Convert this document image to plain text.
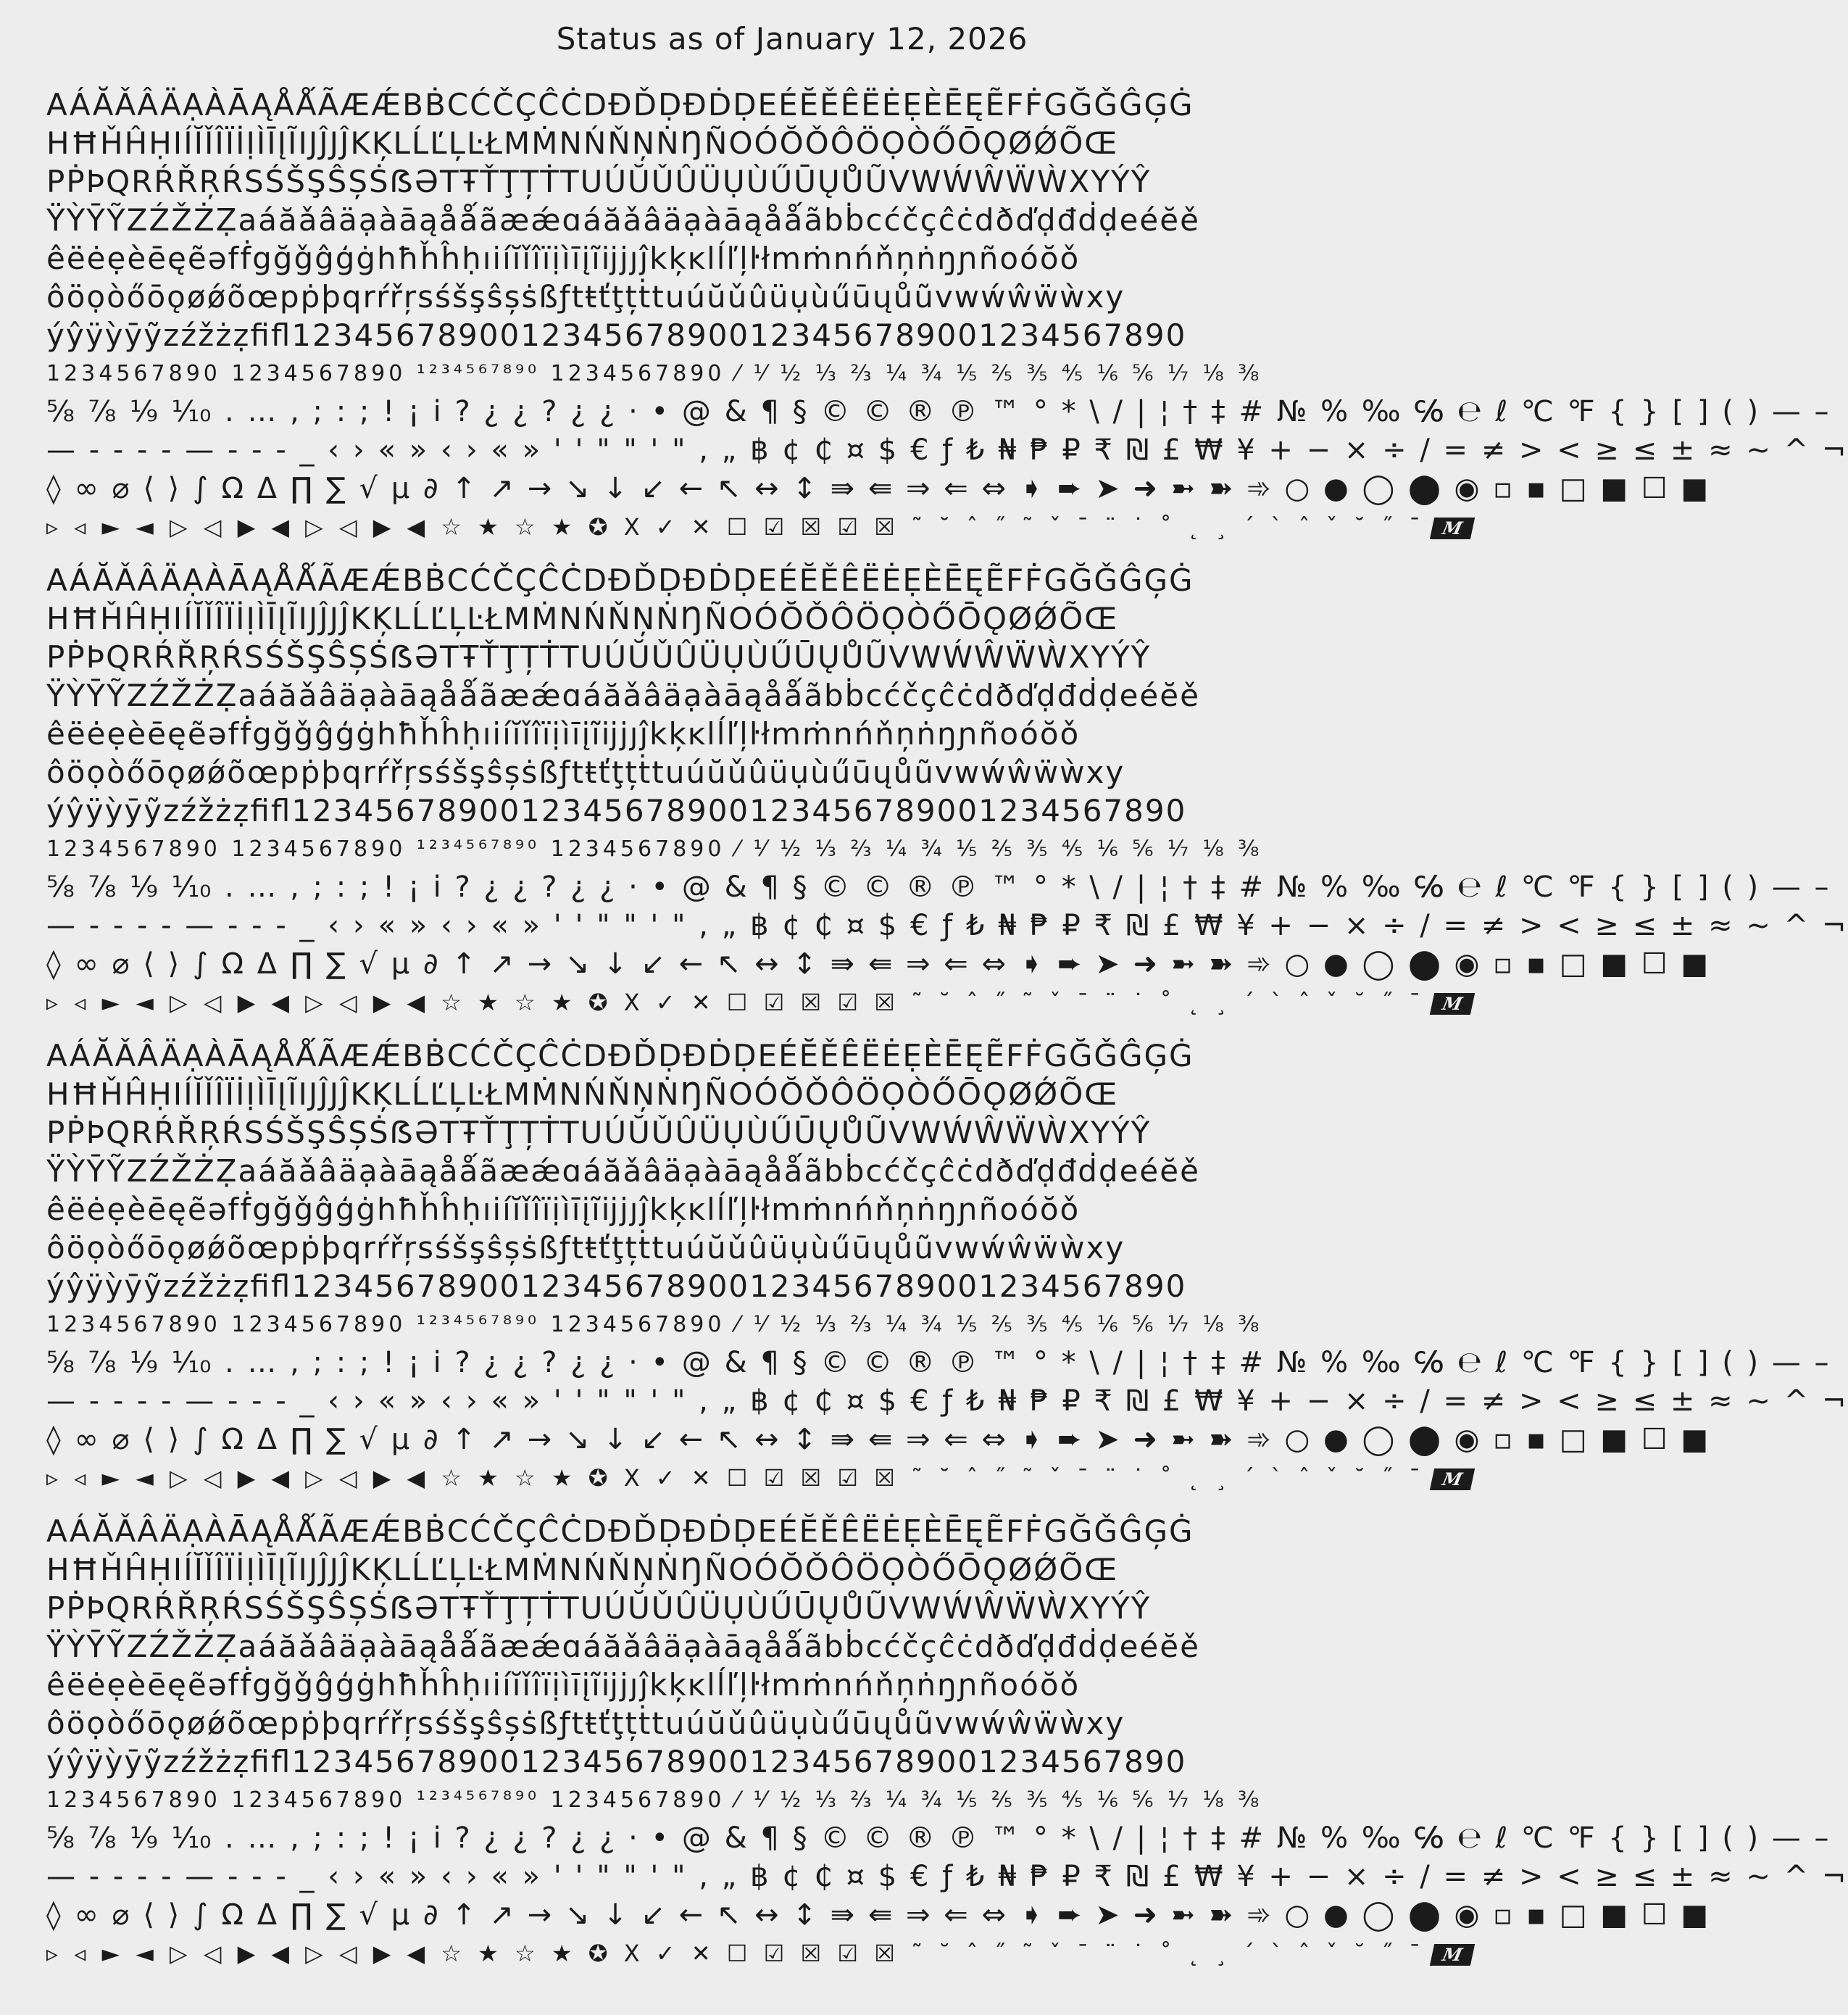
Status as of January 12, 2026
AÁĂǍÂÄẠÀĀĄÅǺÃÆǼBḂCĆČÇĈĊDĐĎḌĐḊḌEÉĔĚÊËĖẸÈĒĘẼFḞGĞǦĜĢĠ
HĦȞĤḤIÍĬǏÎÏİỊÌĪĮĨIJĴJĴKĶLĹĽĻĿŁMṀNŃŇŅṄŊÑOÓŎǑÔÖỌÒŐŌǪØǾÕŒ
PṖÞQRŔŘŖŔSŚŠŞŜȘṠẞƏTŦŤŢȚṪTUÚŬǓÛÜỤÙŰŪŲŮŨVWẂŴẄẀXYÝŶ
ŸỲȲỸZŹŽŻẒaáăǎâäạàāąåǻãæǽɑáăǎâäạàāąåǻãbḃcćčçĉċdðďḍđḋḍeéĕě
êëėẹèēęẽəfḟgğǧĝģġhħȟĥḥıiíĭǐîïịìīįĩĳjȷĵkķĸlĺľļŀłmṁnńňņṅŋɲñoóŏǒ
ôöọòőōǫøǿõœpṗþqrŕřŗsśšşŝșṡßƒtŧťţțṫtuúŭǔûüụùűūųůũvwẃŵẅẁxy
ýŷÿỳȳỹzźžżẓﬁﬂ1234567890012345678900123456789001234567890
1234567890 1234567890 ¹²³⁴⁵⁶⁷⁸⁹⁰ 1234567890 ⁄ ⅟ ½ ⅓ ⅔ ¼ ¾ ⅕ ⅖ ⅗ ⅘ ⅙ ⅚ ⅐ ⅛ ⅜
⅝ ⅞ ⅑ ⅒ . … , ; : ; ! ¡ i ? ¿ ¿ ? ¿ ¿ · • @ & ¶ § © © ® ℗ ™ ° * \ / | ¦ † ‡ # № % ‰ ℅ ℮ ℓ ℃ ℉ { } [ ] ( ) — –
— - - - ‐ — - - - _ ‹ › « » ‹ › « » ' ' " " ' " , „ ฿ ¢ ₵ ¤ $ € ƒ ₺ ₦ ₱ ₽ ₹ ₪ £ ₩ ¥ + − × ÷ / = ≠ > < ≥ ≤ ± ≈ ~ ^ ¬
◊ ∞ ⌀ ⟨ ⟩ ∫ Ω Δ ∏ ∑ √ µ ∂ ↑ ↗ → ↘ ↓ ↙ ← ↖ ↔ ↕ ⇛ ⇚ ⇒ ⇐ ⇔ ➧ ➨ ➤ ➜ ➼ ➽ ➾ ○ ● ◯ ⬤ ◉ ▫ ▪ □ ■ ☐ ■
▹ ◃ ► ◄ ▷ ◁ ▶ ◀ ▷ ◁ ▶ ◀ ☆ ★ ☆ ★ ✪ X ✓ ✕ ☐ ☑ ☒ ☑ ☒ ˜ ˘ ˆ ˝ ˜ ˇ ˉ ¨ ˙ ˚ ˛ ¸ ´ ` ˆ ˇ ˘ ˝ ¯ M
AÁĂǍÂÄẠÀĀĄÅǺÃÆǼBḂCĆČÇĈĊDĐĎḌĐḊḌEÉĔĚÊËĖẸÈĒĘẼFḞGĞǦĜĢĠ
HĦȞĤḤIÍĬǏÎÏİỊÌĪĮĨIJĴJĴKĶLĹĽĻĿŁMṀNŃŇŅṄŊÑOÓŎǑÔÖỌÒŐŌǪØǾÕŒ
PṖÞQRŔŘŖŔSŚŠŞŜȘṠẞƏTŦŤŢȚṪTUÚŬǓÛÜỤÙŰŪŲŮŨVWẂŴẄẀXYÝŶ
ŸỲȲỸZŹŽŻẒaáăǎâäạàāąåǻãæǽɑáăǎâäạàāąåǻãbḃcćčçĉċdðďḍđḋḍeéĕě
êëėẹèēęẽəfḟgğǧĝģġhħȟĥḥıiíĭǐîïịìīįĩĳjȷĵkķĸlĺľļŀłmṁnńňņṅŋɲñoóŏǒ
ôöọòőōǫøǿõœpṗþqrŕřŗsśšşŝșṡßƒtŧťţțṫtuúŭǔûüụùűūųůũvwẃŵẅẁxy
ýŷÿỳȳỹzźžżẓﬁﬂ1234567890012345678900123456789001234567890
1234567890 1234567890 ¹²³⁴⁵⁶⁷⁸⁹⁰ 1234567890 ⁄ ⅟ ½ ⅓ ⅔ ¼ ¾ ⅕ ⅖ ⅗ ⅘ ⅙ ⅚ ⅐ ⅛ ⅜
⅝ ⅞ ⅑ ⅒ . … , ; : ; ! ¡ i ? ¿ ¿ ? ¿ ¿ · • @ & ¶ § © © ® ℗ ™ ° * \ / | ¦ † ‡ # № % ‰ ℅ ℮ ℓ ℃ ℉ { } [ ] ( ) — –
— - - - ‐ — - - - _ ‹ › « » ‹ › « » ' ' " " ' " , „ ฿ ¢ ₵ ¤ $ € ƒ ₺ ₦ ₱ ₽ ₹ ₪ £ ₩ ¥ + − × ÷ / = ≠ > < ≥ ≤ ± ≈ ~ ^ ¬
◊ ∞ ⌀ ⟨ ⟩ ∫ Ω Δ ∏ ∑ √ µ ∂ ↑ ↗ → ↘ ↓ ↙ ← ↖ ↔ ↕ ⇛ ⇚ ⇒ ⇐ ⇔ ➧ ➨ ➤ ➜ ➼ ➽ ➾ ○ ● ◯ ⬤ ◉ ▫ ▪ □ ■ ☐ ■
▹ ◃ ► ◄ ▷ ◁ ▶ ◀ ▷ ◁ ▶ ◀ ☆ ★ ☆ ★ ✪ X ✓ ✕ ☐ ☑ ☒ ☑ ☒ ˜ ˘ ˆ ˝ ˜ ˇ ˉ ¨ ˙ ˚ ˛ ¸ ´ ` ˆ ˇ ˘ ˝ ¯ M
AÁĂǍÂÄẠÀĀĄÅǺÃÆǼBḂCĆČÇĈĊDĐĎḌĐḊḌEÉĔĚÊËĖẸÈĒĘẼFḞGĞǦĜĢĠ
HĦȞĤḤIÍĬǏÎÏİỊÌĪĮĨIJĴJĴKĶLĹĽĻĿŁMṀNŃŇŅṄŊÑOÓŎǑÔÖỌÒŐŌǪØǾÕŒ
PṖÞQRŔŘŖŔSŚŠŞŜȘṠẞƏTŦŤŢȚṪTUÚŬǓÛÜỤÙŰŪŲŮŨVWẂŴẄẀXYÝŶ
ŸỲȲỸZŹŽŻẒaáăǎâäạàāąåǻãæǽɑáăǎâäạàāąåǻãbḃcćčçĉċdðďḍđḋḍeéĕě
êëėẹèēęẽəfḟgğǧĝģġhħȟĥḥıiíĭǐîïịìīįĩĳjȷĵkķĸlĺľļŀłmṁnńňņṅŋɲñoóŏǒ
ôöọòőōǫøǿõœpṗþqrŕřŗsśšşŝșṡßƒtŧťţțṫtuúŭǔûüụùűūųůũvwẃŵẅẁxy
ýŷÿỳȳỹzźžżẓﬁﬂ1234567890012345678900123456789001234567890
1234567890 1234567890 ¹²³⁴⁵⁶⁷⁸⁹⁰ 1234567890 ⁄ ⅟ ½ ⅓ ⅔ ¼ ¾ ⅕ ⅖ ⅗ ⅘ ⅙ ⅚ ⅐ ⅛ ⅜
⅝ ⅞ ⅑ ⅒ . … , ; : ; ! ¡ i ? ¿ ¿ ? ¿ ¿ · • @ & ¶ § © © ® ℗ ™ ° * \ / | ¦ † ‡ # № % ‰ ℅ ℮ ℓ ℃ ℉ { } [ ] ( ) — –
— - - - ‐ — - - - _ ‹ › « » ‹ › « » ' ' " " ' " , „ ฿ ¢ ₵ ¤ $ € ƒ ₺ ₦ ₱ ₽ ₹ ₪ £ ₩ ¥ + − × ÷ / = ≠ > < ≥ ≤ ± ≈ ~ ^ ¬
◊ ∞ ⌀ ⟨ ⟩ ∫ Ω Δ ∏ ∑ √ µ ∂ ↑ ↗ → ↘ ↓ ↙ ← ↖ ↔ ↕ ⇛ ⇚ ⇒ ⇐ ⇔ ➧ ➨ ➤ ➜ ➼ ➽ ➾ ○ ● ◯ ⬤ ◉ ▫ ▪ □ ■ ☐ ■
▹ ◃ ► ◄ ▷ ◁ ▶ ◀ ▷ ◁ ▶ ◀ ☆ ★ ☆ ★ ✪ X ✓ ✕ ☐ ☑ ☒ ☑ ☒ ˜ ˘ ˆ ˝ ˜ ˇ ˉ ¨ ˙ ˚ ˛ ¸ ´ ` ˆ ˇ ˘ ˝ ¯ M
AÁĂǍÂÄẠÀĀĄÅǺÃÆǼBḂCĆČÇĈĊDĐĎḌĐḊḌEÉĔĚÊËĖẸÈĒĘẼFḞGĞǦĜĢĠ
HĦȞĤḤIÍĬǏÎÏİỊÌĪĮĨIJĴJĴKĶLĹĽĻĿŁMṀNŃŇŅṄŊÑOÓŎǑÔÖỌÒŐŌǪØǾÕŒ
PṖÞQRŔŘŖŔSŚŠŞŜȘṠẞƏTŦŤŢȚṪTUÚŬǓÛÜỤÙŰŪŲŮŨVWẂŴẄẀXYÝŶ
ŸỲȲỸZŹŽŻẒaáăǎâäạàāąåǻãæǽɑáăǎâäạàāąåǻãbḃcćčçĉċdðďḍđḋḍeéĕě
êëėẹèēęẽəfḟgğǧĝģġhħȟĥḥıiíĭǐîïịìīįĩĳjȷĵkķĸlĺľļŀłmṁnńňņṅŋɲñoóŏǒ
ôöọòőōǫøǿõœpṗþqrŕřŗsśšşŝșṡßƒtŧťţțṫtuúŭǔûüụùűūųůũvwẃŵẅẁxy
ýŷÿỳȳỹzźžżẓﬁﬂ1234567890012345678900123456789001234567890
1234567890 1234567890 ¹²³⁴⁵⁶⁷⁸⁹⁰ 1234567890 ⁄ ⅟ ½ ⅓ ⅔ ¼ ¾ ⅕ ⅖ ⅗ ⅘ ⅙ ⅚ ⅐ ⅛ ⅜
⅝ ⅞ ⅑ ⅒ . … , ; : ; ! ¡ i ? ¿ ¿ ? ¿ ¿ · • @ & ¶ § © © ® ℗ ™ ° * \ / | ¦ † ‡ # № % ‰ ℅ ℮ ℓ ℃ ℉ { } [ ] ( ) — –
— - - - ‐ — - - - _ ‹ › « » ‹ › « » ' ' " " ' " , „ ฿ ¢ ₵ ¤ $ € ƒ ₺ ₦ ₱ ₽ ₹ ₪ £ ₩ ¥ + − × ÷ / = ≠ > < ≥ ≤ ± ≈ ~ ^ ¬
◊ ∞ ⌀ ⟨ ⟩ ∫ Ω Δ ∏ ∑ √ µ ∂ ↑ ↗ → ↘ ↓ ↙ ← ↖ ↔ ↕ ⇛ ⇚ ⇒ ⇐ ⇔ ➧ ➨ ➤ ➜ ➼ ➽ ➾ ○ ● ◯ ⬤ ◉ ▫ ▪ □ ■ ☐ ■
▹ ◃ ► ◄ ▷ ◁ ▶ ◀ ▷ ◁ ▶ ◀ ☆ ★ ☆ ★ ✪ X ✓ ✕ ☐ ☑ ☒ ☑ ☒ ˜ ˘ ˆ ˝ ˜ ˇ ˉ ¨ ˙ ˚ ˛ ¸ ´ ` ˆ ˇ ˘ ˝ ¯ M
